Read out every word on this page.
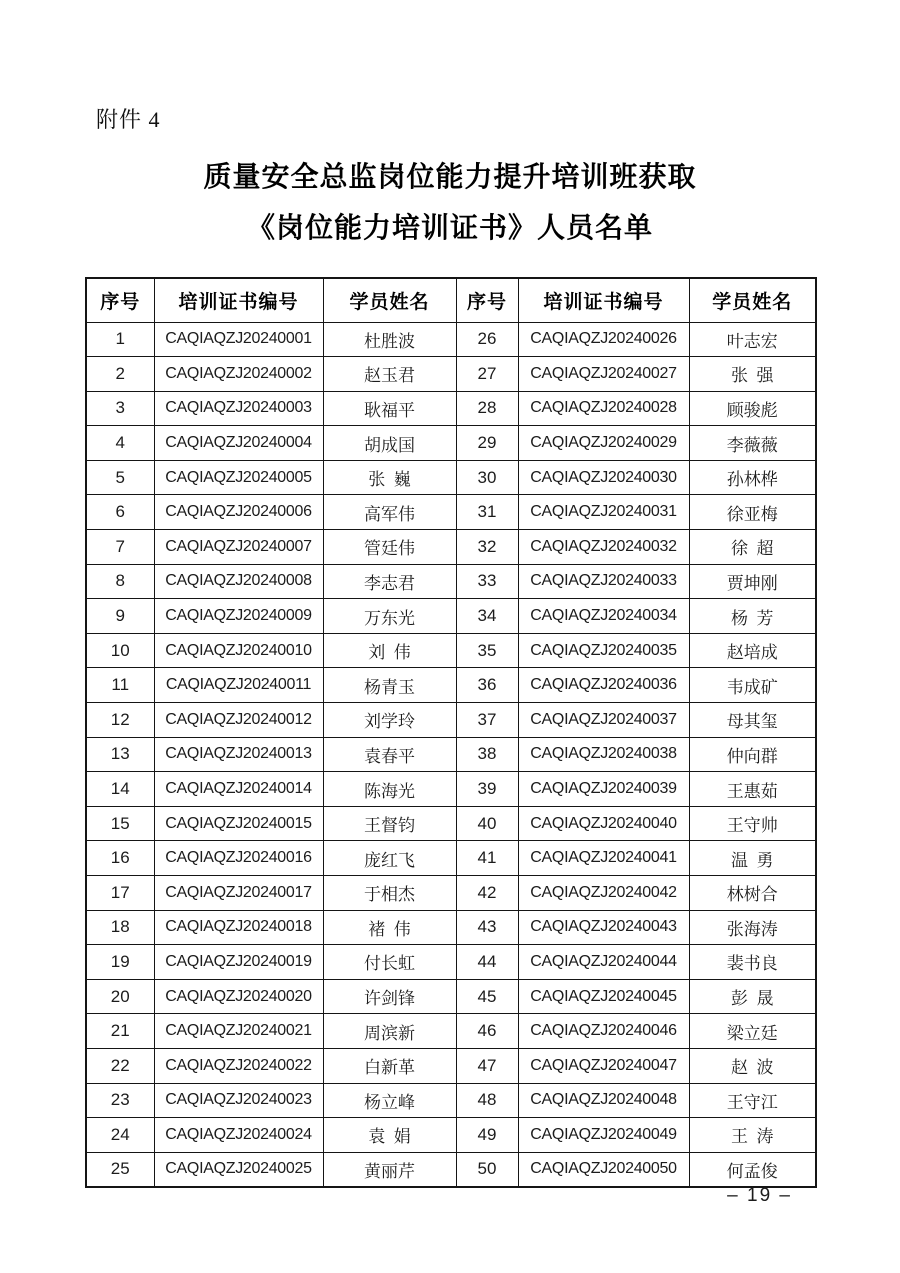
附件 4
质量安全总监岗位能力提升培训班获取
《岗位能力培训证书》人员名单
序号	培训证书编号	学员姓名	序号	培训证书编号	学员姓名
1	CAQIAQZJ20240001	杜胜波	26	CAQIAQZJ20240026	叶志宏
2	CAQIAQZJ20240002	赵玉君	27	CAQIAQZJ20240027	张  强
3	CAQIAQZJ20240003	耿福平	28	CAQIAQZJ20240028	顾骏彪
4	CAQIAQZJ20240004	胡成国	29	CAQIAQZJ20240029	李薇薇
5	CAQIAQZJ20240005	张  巍	30	CAQIAQZJ20240030	孙林桦
6	CAQIAQZJ20240006	高军伟	31	CAQIAQZJ20240031	徐亚梅
7	CAQIAQZJ20240007	管廷伟	32	CAQIAQZJ20240032	徐  超
8	CAQIAQZJ20240008	李志君	33	CAQIAQZJ20240033	贾坤刚
9	CAQIAQZJ20240009	万东光	34	CAQIAQZJ20240034	杨  芳
10	CAQIAQZJ20240010	刘  伟	35	CAQIAQZJ20240035	赵培成
11	CAQIAQZJ20240011	杨青玉	36	CAQIAQZJ20240036	韦成矿
12	CAQIAQZJ20240012	刘学玲	37	CAQIAQZJ20240037	母其玺
13	CAQIAQZJ20240013	袁春平	38	CAQIAQZJ20240038	仲向群
14	CAQIAQZJ20240014	陈海光	39	CAQIAQZJ20240039	王惠茹
15	CAQIAQZJ20240015	王督钧	40	CAQIAQZJ20240040	王守帅
16	CAQIAQZJ20240016	庞红飞	41	CAQIAQZJ20240041	温  勇
17	CAQIAQZJ20240017	于相杰	42	CAQIAQZJ20240042	林树合
18	CAQIAQZJ20240018	褚  伟	43	CAQIAQZJ20240043	张海涛
19	CAQIAQZJ20240019	付长虹	44	CAQIAQZJ20240044	裴书良
20	CAQIAQZJ20240020	许剑锋	45	CAQIAQZJ20240045	彭  晟
21	CAQIAQZJ20240021	周滨新	46	CAQIAQZJ20240046	梁立廷
22	CAQIAQZJ20240022	白新革	47	CAQIAQZJ20240047	赵  波
23	CAQIAQZJ20240023	杨立峰	48	CAQIAQZJ20240048	王守江
24	CAQIAQZJ20240024	袁  娟	49	CAQIAQZJ20240049	王  涛
25	CAQIAQZJ20240025	黄丽芹	50	CAQIAQZJ20240050	何孟俊
– 19 –
